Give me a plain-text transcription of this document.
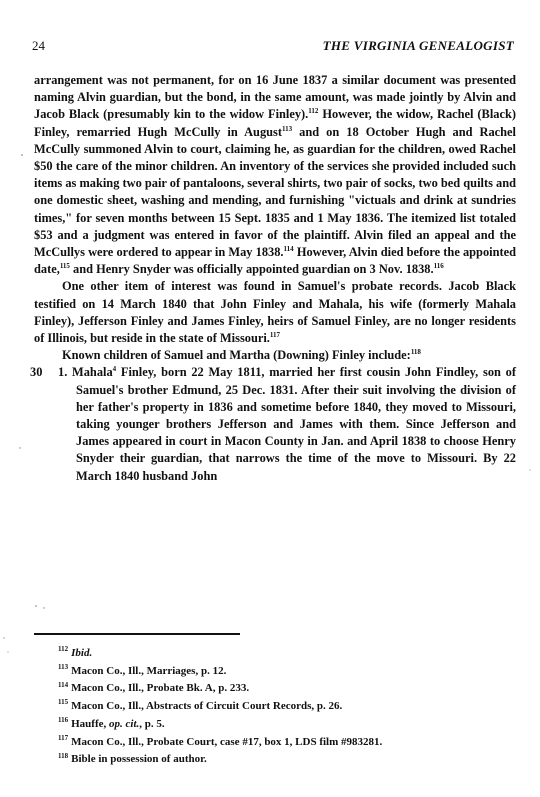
24	THE VIRGINIA GENEALOGIST

arrangement was not permanent, for on 16 June 1837 a similar document was presented naming Alvin guardian, but the bond, in the same amount, was made jointly by Alvin and Jacob Black (presumably kin to the widow Finley).$^{112}$ However, the widow, Rachel (Black) Finley, remarried Hugh McCully in August$^{113}$ and on 18 October Hugh and Rachel McCully summoned Alvin to court, claiming he, as guardian for the children, owed Rachel $50 the care of the minor children. An inventory of the services she provided included such items as making two pair of pantaloons, several shirts, two pair of socks, two bed quilts and one domestic sheet, washing and mending, and furnishing "victuals and drink at sundries times," for seven months between 15 Sept. 1835 and 1 May 1836. The itemized list totaled $53 and a judgment was entered in favor of the plaintiff. Alvin filed an appeal and the McCullys were ordered to appear in May 1838.$^{114}$ However, Alvin died before the appointed date,$^{115}$ and Henry Snyder was officially appointed guardian on 3 Nov. 1838.$^{116}$

One other item of interest was found in Samuel's probate records. Jacob Black testified on 14 March 1840 that John Finley and Mahala, his wife (formerly Mahala Finley), Jefferson Finley and James Finley, heirs of Samuel Finley, are no longer residents of Illinois, but reside in the state of Missouri.$^{117}$

Known children of Samuel and Martha (Downing) Finley include:$^{118}$

30	1. Mahala$^4$ Finley, born 22 May 1811, married her first cousin John Findley, son of Samuel's brother Edmund, 25 Dec. 1831. After their suit involving the division of her father's property in 1836 and sometime before 1840, they moved to Missouri, taking younger brothers Jefferson and James with them. Since Jefferson and James appeared in court in Macon County in Jan. and April 1838 to choose Henry Snyder their guardian, that narrows the time of the move to Missouri. By 22 March 1840 husband John
$^{112}$ Ibid.
$^{113}$ Macon Co., Ill., Marriages, p. 12.
$^{114}$ Macon Co., Ill., Probate Bk. A, p. 233.
$^{115}$ Macon Co., Ill., Abstracts of Circuit Court Records, p. 26.
$^{116}$ Hauffe, op. cit., p. 5.
$^{117}$ Macon Co., Ill., Probate Court, case #17, box 1, LDS film #983281.
$^{118}$ Bible in possession of author.
